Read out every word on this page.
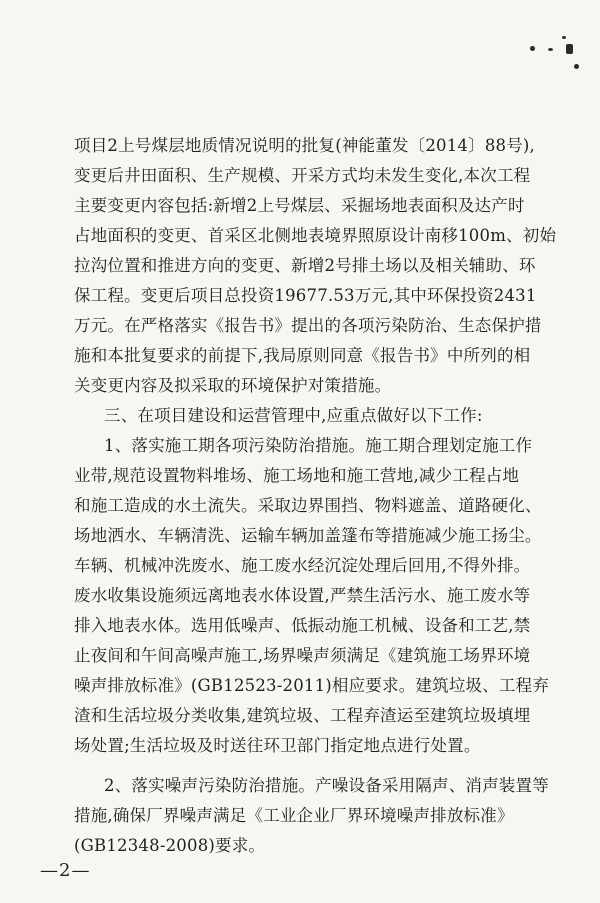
项目2上号煤层地质情况说明的批复(神能董发〔2014〕88号),
变更后井田面积、生产规模、开采方式均未发生变化,本次工程
主要变更内容包括:新增2上号煤层、采掘场地表面积及达产时
占地面积的变更、首采区北侧地表境界照原设计南移100m、初始
拉沟位置和推进方向的变更、新增2号排土场以及相关辅助、环
保工程。变更后项目总投资19677.53万元,其中环保投资2431
万元。在严格落实《报告书》提出的各项污染防治、生态保护措
施和本批复要求的前提下,我局原则同意《报告书》中所列的相
关变更内容及拟采取的环境保护对策措施。
三、在项目建设和运营管理中,应重点做好以下工作:
1、落实施工期各项污染防治措施。施工期合理划定施工作
业带,规范设置物料堆场、施工场地和施工营地,减少工程占地
和施工造成的水土流失。采取边界围挡、物料遮盖、道路硬化、
场地洒水、车辆清洗、运输车辆加盖篷布等措施减少施工扬尘。
车辆、机械冲洗废水、施工废水经沉淀处理后回用,不得外排。
废水收集设施须远离地表水体设置,严禁生活污水、施工废水等
排入地表水体。选用低噪声、低振动施工机械、设备和工艺,禁
止夜间和午间高噪声施工,场界噪声须满足《建筑施工场界环境
噪声排放标准》(GB12523-2011)相应要求。建筑垃圾、工程弃
渣和生活垃圾分类收集,建筑垃圾、工程弃渣运至建筑垃圾填埋
场处置;生活垃圾及时送往环卫部门指定地点进行处置。
2、落实噪声污染防治措施。产噪设备采用隔声、消声装置等
措施,确保厂界噪声满足《工业企业厂界环境噪声排放标准》
(GB12348-2008)要求。
—2—
